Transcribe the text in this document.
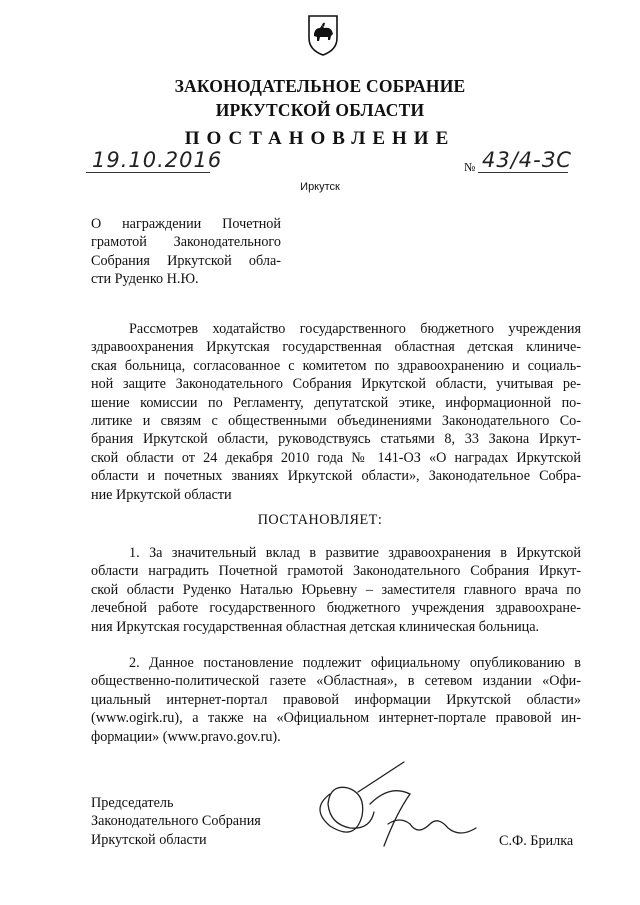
ЗАКОНОДАТЕЛЬНОЕ СОБРАНИЕ
ИРКУТСКОЙ ОБЛАСТИ
ПОСТАНОВЛЕНИЕ
19.10.2016	№ 43/4-ЗС
Иркутск
О награждении Почетной
грамотой Законодательного
Собрания Иркутской обла-
сти Руденко Н.Ю.
Рассмотрев ходатайство государственного бюджетного учреждения
здравоохранения Иркутская государственная областная детская клиниче-
ская больница, согласованное с комитетом по здравоохранению и социаль-
ной защите Законодательного Собрания Иркутской области, учитывая ре-
шение комиссии по Регламенту, депутатской этике, информационной по-
литике и связям с общественными объединениями Законодательного Со-
брания Иркутской области, руководствуясь статьями 8, 33 Закона Иркут-
ской области от 24 декабря 2010 года № 141-ОЗ «О наградах Иркутской
области и почетных званиях Иркутской области», Законодательное Собра-
ние Иркутской области
ПОСТАНОВЛЯЕТ:
1. За значительный вклад в развитие здравоохранения в Иркутской
области наградить Почетной грамотой Законодательного Собрания Иркут-
ской области Руденко Наталью Юрьевну – заместителя главного врача по
лечебной работе государственного бюджетного учреждения здравоохране-
ния Иркутская государственная областная детская клиническая больница.
2. Данное постановление подлежит официальному опубликованию в
общественно-политической газете «Областная», в сетевом издании «Офи-
циальный интернет-портал правовой информации Иркутской области»
(www.ogirk.ru), а также на «Официальном интернет-портале правовой ин-
формации» (www.pravo.gov.ru).
Председатель
Законодательного Собрания
Иркутской области	С.Ф. Брилка
